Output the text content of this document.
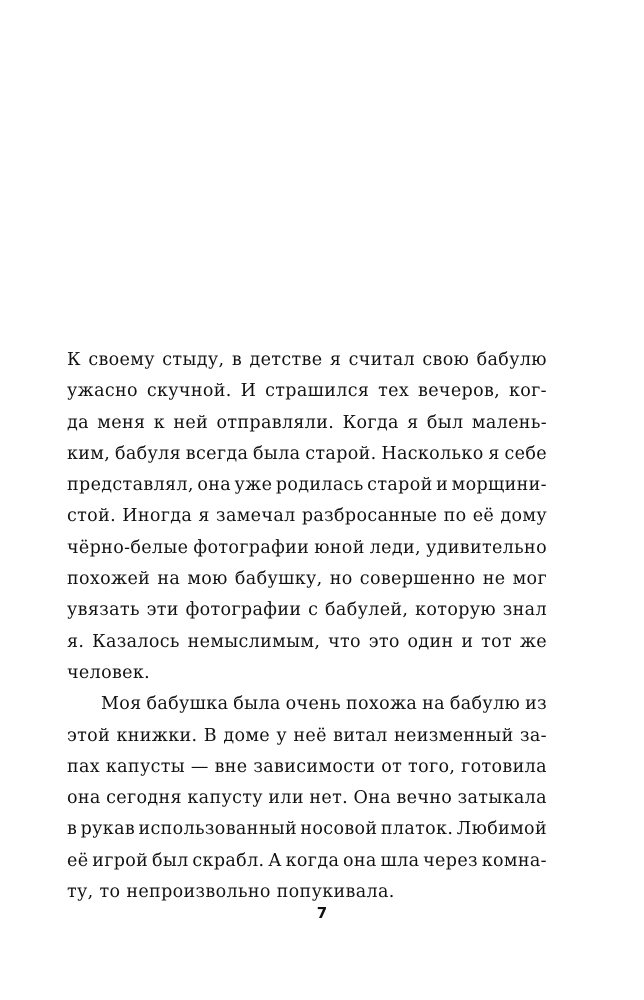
К своему стыду, в детстве я считал свою бабулю
ужасно скучной. И страшился тех вечеров, ког-
да меня к ней отправляли. Когда я был малень-
ким, бабуля всегда была старой. Насколько я себе
представлял, она уже родилась старой и морщини-
стой. Иногда я замечал разбросанные по её дому
чёрно-белые фотографии юной леди, удивительно
похожей на мою бабушку, но совершенно не мог
увязать эти фотографии с бабулей, которую знал
я. Казалось немыслимым, что это один и тот же
человек.
Моя бабушка была очень похожа на бабулю из
этой книжки. В доме у неё витал неизменный за-
пах капусты — вне зависимости от того, готовила
она сегодня капусту или нет. Она вечно затыкала
в рукав использованный носовой платок. Любимой
её игрой был скрабл. А когда она шла через комна-
ту, то непроизвольно попукивала.
7
